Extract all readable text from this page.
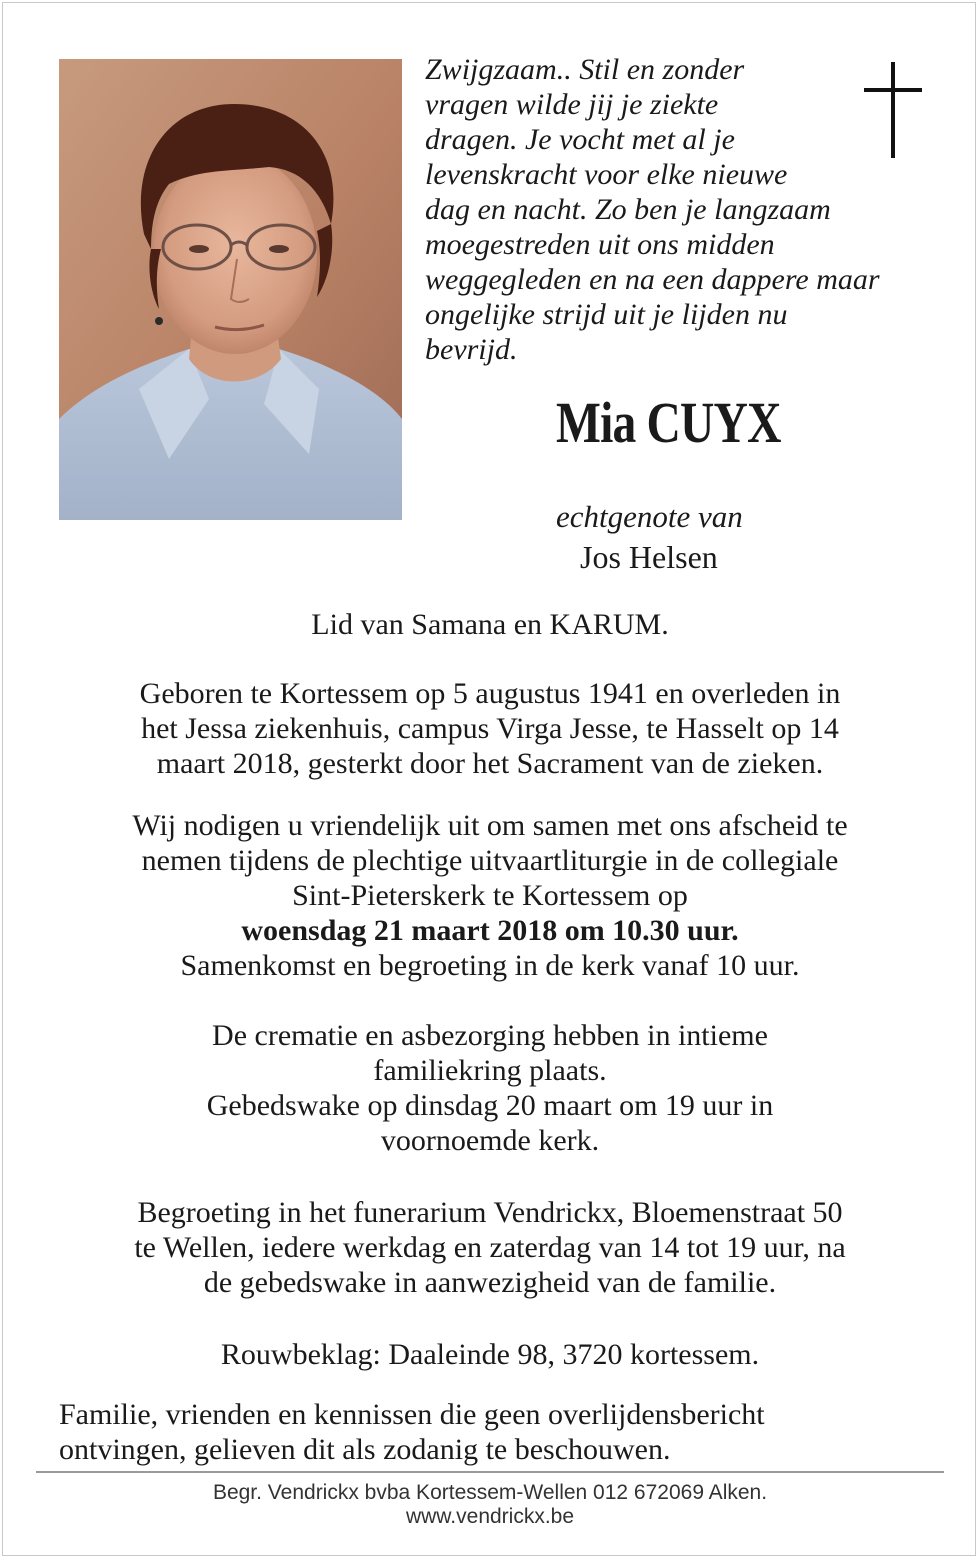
Zwijgzaam.. Stil en zonder
vragen wilde jij je ziekte
dragen. Je vocht met al je
levenskracht voor elke nieuwe
dag en nacht. Zo ben je langzaam
moegestreden uit ons midden
weggegleden en na een dappere maar
ongelijke strijd uit je lijden nu
bevrijd.
Mia CUYX
echtgenote van
Jos Helsen
Lid van Samana en KARUM.
Geboren te Kortessem op 5 augustus 1941 en overleden in
het Jessa ziekenhuis, campus Virga Jesse, te Hasselt op 14
maart 2018, gesterkt door het Sacrament van de zieken.
Wij nodigen u vriendelijk uit om samen met ons afscheid te
nemen tijdens de plechtige uitvaartliturgie in de collegiale
Sint-Pieterskerk te Kortessem op
woensdag 21 maart 2018 om 10.30 uur.
Samenkomst en begroeting in de kerk vanaf 10 uur.
De crematie en asbezorging hebben in intieme
familiekring plaats.
Gebedswake op dinsdag 20 maart om 19 uur in
voornoemde kerk.
Begroeting in het funerarium Vendrickx, Bloemenstraat 50
te Wellen, iedere werkdag en zaterdag van 14 tot 19 uur, na
de gebedswake in aanwezigheid van de familie.
Rouwbeklag: Daaleinde 98, 3720 kortessem.
Familie, vrienden en kennissen die geen overlijdensbericht
ontvingen, gelieven dit als zodanig te beschouwen.
Begr. Vendrickx bvba Kortessem-Wellen 012 672069 Alken.
www.vendrickx.be
